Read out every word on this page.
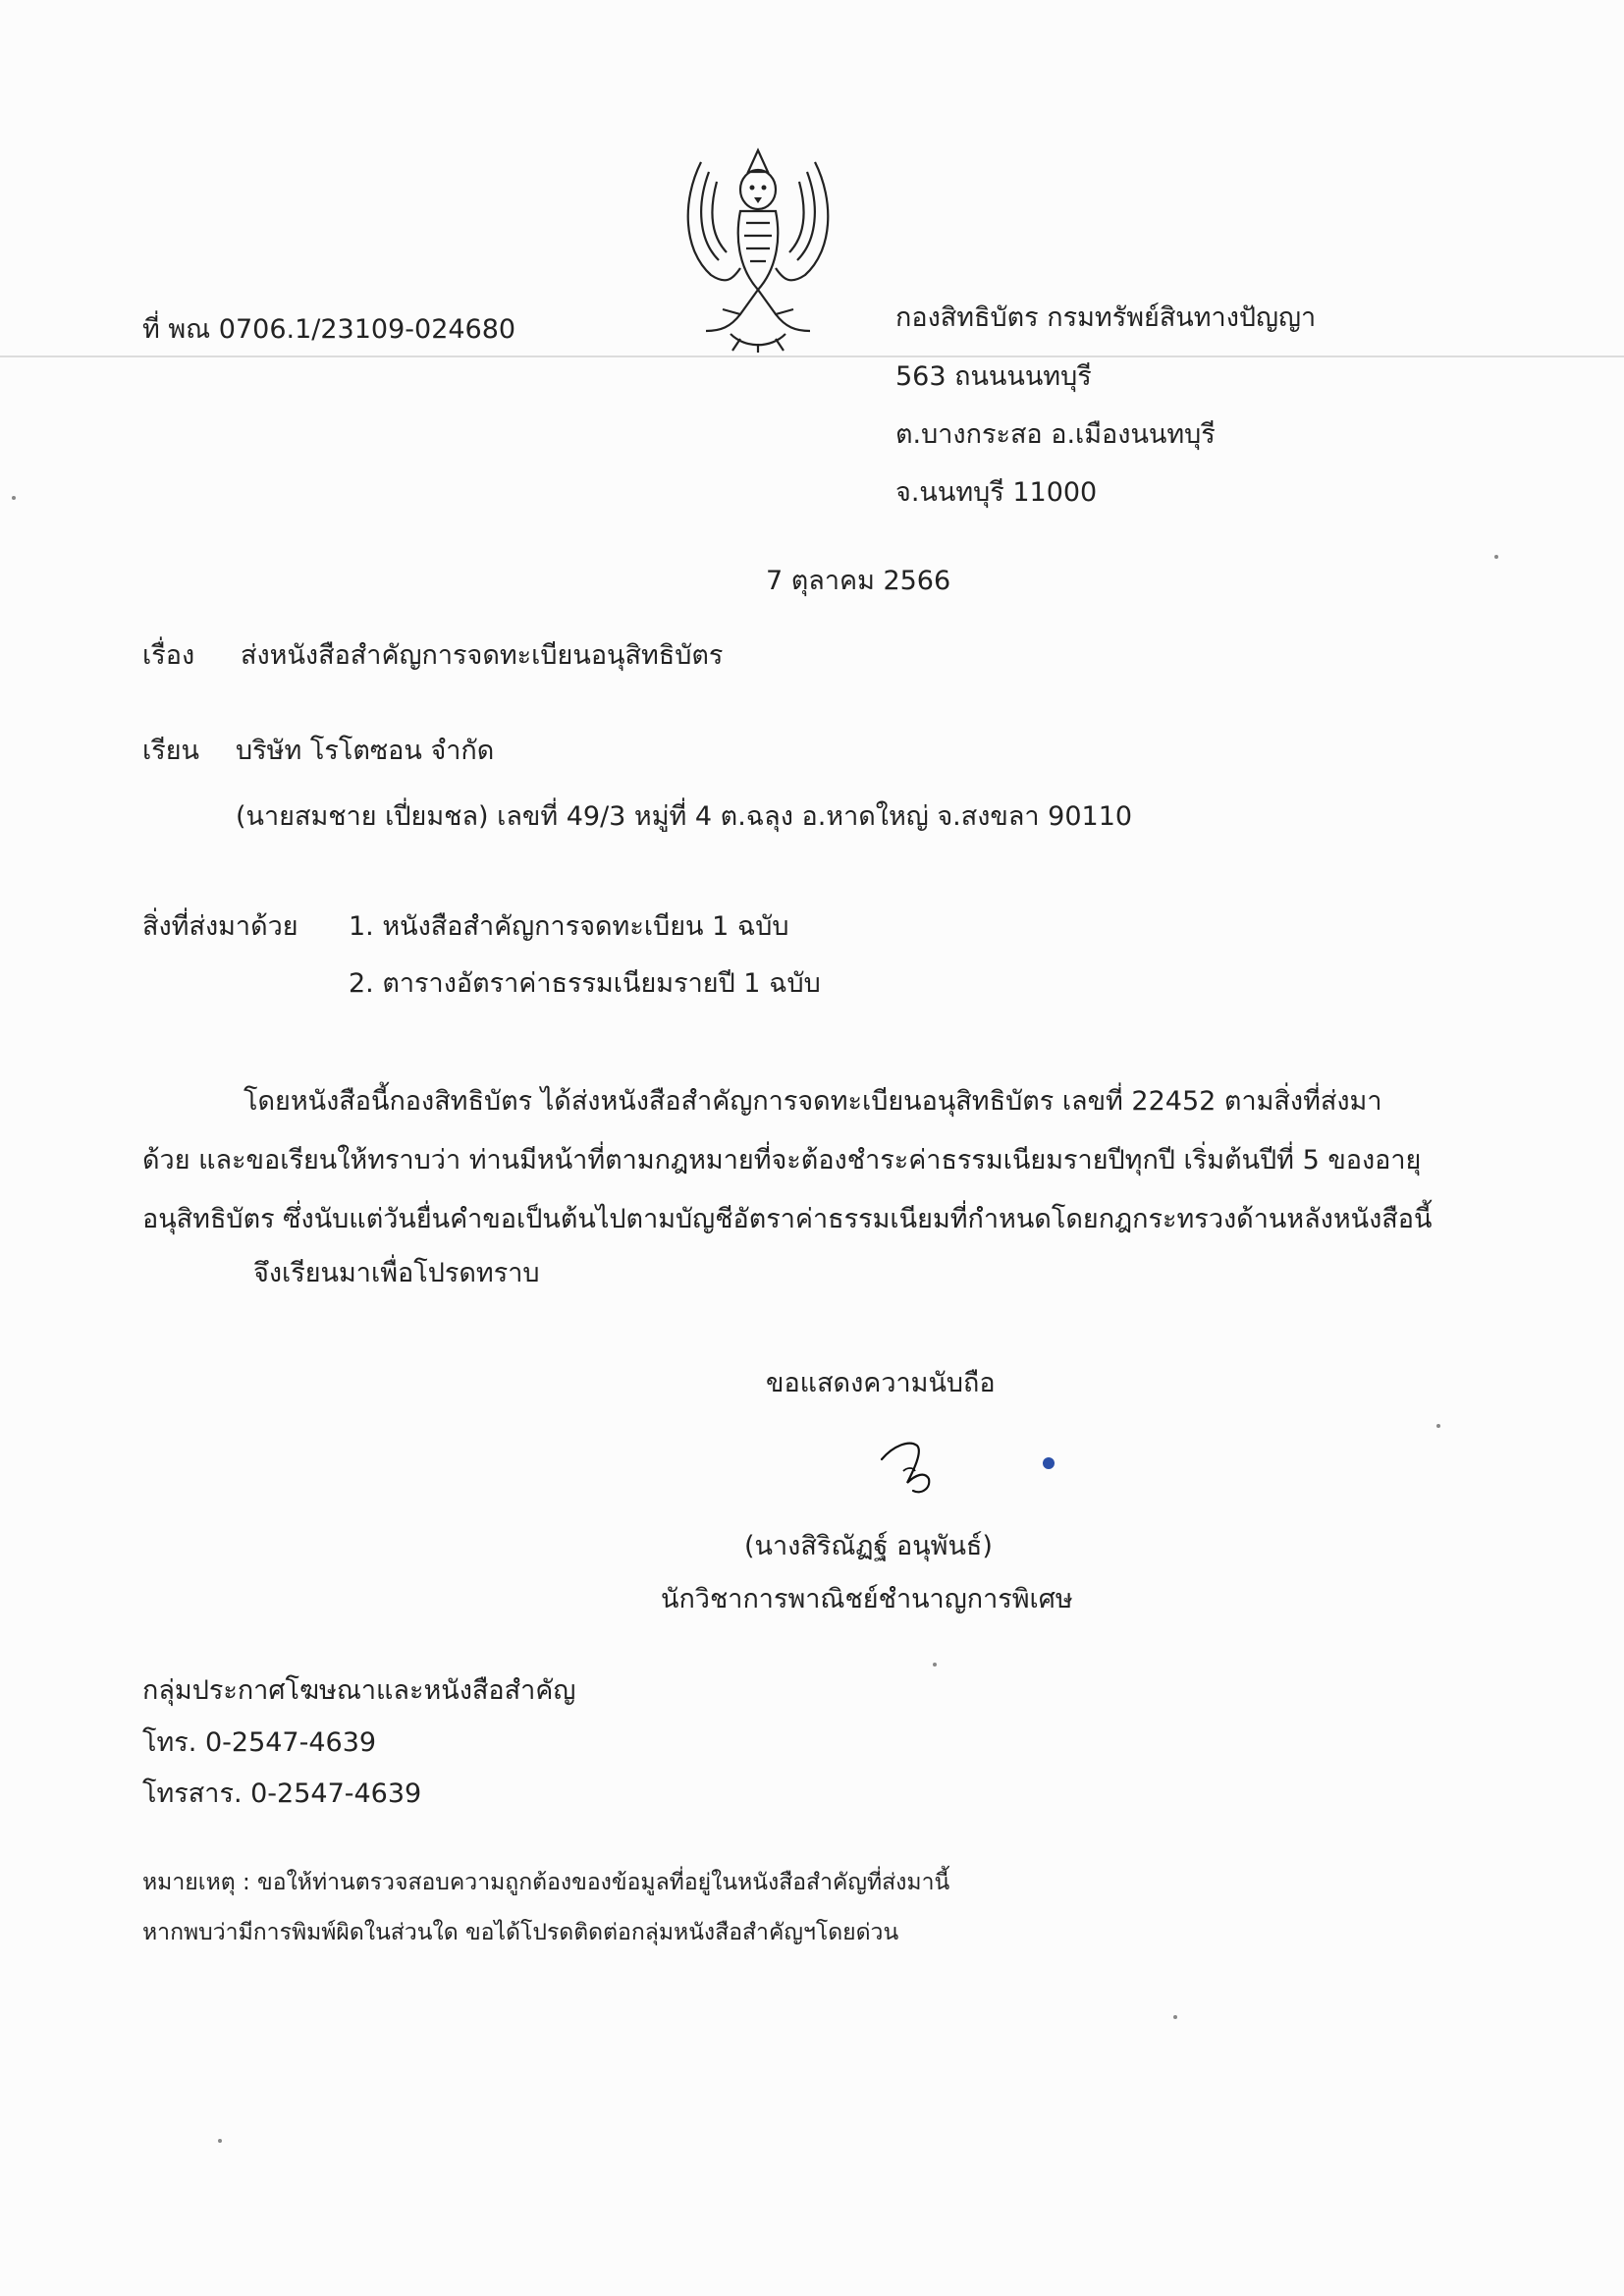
ที่ พณ 0706.1/23109-024680	กองสิทธิบัตร กรมทรัพย์สินทางปัญญา
563 ถนนนนทบุรี
ต.บางกระสอ อ.เมืองนนทบุรี
จ.นนทบุรี 11000
7 ตุลาคม 2566
เรื่อง ส่งหนังสือสำคัญการจดทะเบียนอนุสิทธิบัตร
เรียน บริษัท โรโตซอน จำกัด
(นายสมชาย เปี่ยมชล) เลขที่ 49/3 หมู่ที่ 4 ต.ฉลุง อ.หาดใหญ่ จ.สงขลา 90110
สิ่งที่ส่งมาด้วย 1. หนังสือสำคัญการจดทะเบียน 1 ฉบับ
2. ตารางอัตราค่าธรรมเนียมรายปี 1 ฉบับ
โดยหนังสือนี้กองสิทธิบัตร ได้ส่งหนังสือสำคัญการจดทะเบียนอนุสิทธิบัตร เลขที่ 22452 ตามสิ่งที่ส่งมา
ด้วย และขอเรียนให้ทราบว่า ท่านมีหน้าที่ตามกฎหมายที่จะต้องชำระค่าธรรมเนียมรายปีทุกปี เริ่มต้นปีที่ 5 ของอายุ
อนุสิทธิบัตร ซึ่งนับแต่วันยื่นคำขอเป็นต้นไปตามบัญชีอัตราค่าธรรมเนียมที่กำหนดโดยกฎกระทรวงด้านหลังหนังสือนี้
จึงเรียนมาเพื่อโปรดทราบ
ขอแสดงความนับถือ
(นางสิริณัฏฐ์ อนุพันธ์)
นักวิชาการพาณิชย์ชำนาญการพิเศษ
กลุ่มประกาศโฆษณาและหนังสือสำคัญ
โทร. 0-2547-4639
โทรสาร. 0-2547-4639
หมายเหตุ : ขอให้ท่านตรวจสอบความถูกต้องของข้อมูลที่อยู่ในหนังสือสำคัญที่ส่งมานี้
หากพบว่ามีการพิมพ์ผิดในส่วนใด ขอได้โปรดติดต่อกลุ่มหนังสือสำคัญฯโดยด่วน
